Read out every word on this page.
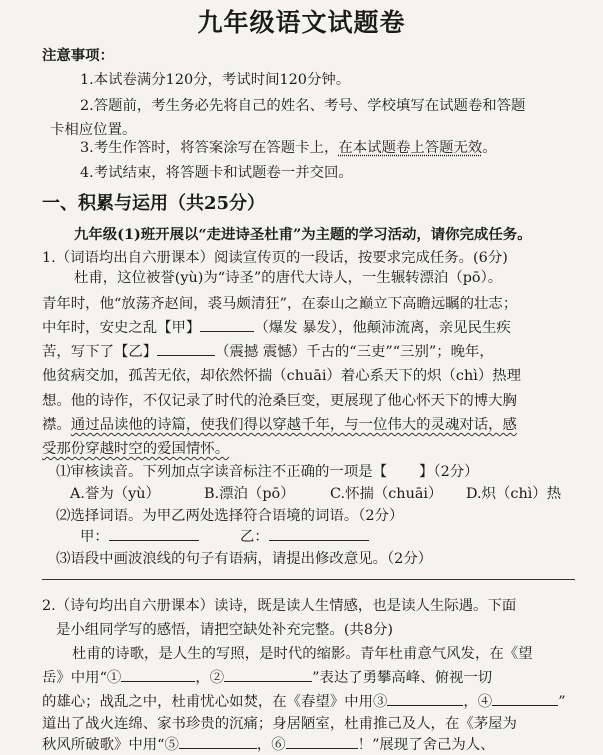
九年级语文试题卷
注意事项：
1.本试卷满分120分，考试时间120分钟。
2.答题前，考生务必先将自己的姓名、考号、学校填写在试题卷和答题
卡相应位置。
3.考生作答时，将答案涂写在答题卡上，在本试题卷上答题无效。
4.考试结束，将答题卡和试题卷一并交回。
一、积累与运用（共25分）
九年级(1)班开展以“走进诗圣杜甫”为主题的学习活动，请你完成任务。
1.（词语均出自六册课本）阅读宣传页的一段话，按要求完成任务。(6分)
杜甫，这位被誉(yù)为“诗圣”的唐代大诗人，一生辗转漂泊（pō）。
青年时，他“放荡齐赵间，裘马颇清狂”，在泰山之巅立下高瞻远瞩的壮志；
中年时，安史之乱【甲】	（爆发 暴发），他颠沛流离，亲见民生疾
苦，写下了【乙】	（震撼 震憾）千古的“三吏”“三别”；晚年，
他贫病交加，孤苦无依，却依然怀揣（chuāi）着心系天下的炽（chì）热理
想。他的诗作，不仅记录了时代的沧桑巨变，更展现了他心怀天下的博大胸
襟。通过品读他的诗篇，使我们得以穿越千年，与一位伟大的灵魂对话，感
受那份穿越时空的爱国情怀。
⑴审核读音。下列加点字读音标注不正确的一项是【 】（2分）
A.誉为（yù）	B.漂泊（pō） C.怀揣（chuāi） D.炽（chì）热
⑵选择词语。为甲乙两处选择符合语境的词语。（2分）
甲：	乙：
⑶语段中画波浪线的句子有语病，请提出修改意见。（2分）
2.（诗句均出自六册课本）读诗，既是读人生情感，也是读人生际遇。下面
是小组同学写的感悟，请把空缺处补充完整。(共8分)
杜甫的诗歌，是人生的写照，是时代的缩影。青年杜甫意气风发，在《望
岳》中用“①	，②	”表达了勇攀高峰、俯视一切
的雄心；战乱之中，杜甫忧心如焚，在《春望》中用③	，④	”
道出了战火连绵、家书珍贵的沉痛；身居陋室，杜甫推己及人，在《茅屋为
秋风所破歌》中用“⑤	，⑥	！”展现了舍己为人、
